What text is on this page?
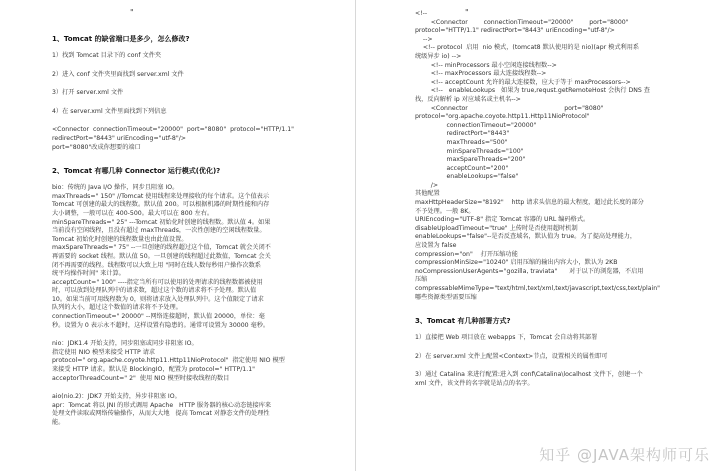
"
1、Tomcat 的缺省端口是多少，怎么修改?
1）找到 Tomcat 目录下的 conf 文件夹
2）进入 conf 文件夹里面找到 server.xml 文件
3）打开 server.xml 文件
4）在 server.xml 文件里面找到下列信息
<Connector  connectionTimeout="20000"  port="8080"  protocol="HTTP/1.1"
redirectPort="8443" uriEncoding="utf-8"/>
port="8080"改成你想要的端口
2、Tomcat 有哪几种 Connector 运行模式(优化)?
bio：传统的 Java I/O 操作，同步且阻塞 IO。
maxThreads=" 150" //Tomcat 使用线程来处理接收的每个请求。这个值表示
Tomcat 可创建的最大的线程数。默认值 200。可以根据机器的时期性能和内存
大小调整，一般可以在 400-500。最大可以在 800 左右。
minSpareThreads=" 25" ---Tomcat 初始化时创建的线程数。默认值 4。如果
当前没有空闲线程，且没有超过 maxThreads，一次性创建的空闲线程数量。
Tomcat 初始化时创建的线程数量也由此值设置。
maxSpareThreads=" 75" --一旦创建的线程超过这个值，Tomcat 就会关闭不
再需要的 socket 线程。默认值 50。一旦创建的线程超过此数值，Tomcat 会关
闭不再需要的线程。线程数可以大致上用 "同时在线人数每秒用户操作次数系
统平均操作时间" 来计算。
acceptCount=" 100" ----指定当所有可以使用的处理请求的线程数都被使用
时，可以放到处理队列中的请求数，超过这个数的请求将不予处理。默认值
10。如果当前可用线程数为 0，则将请求放入处理队列中。这个值限定了请求
队列的大小，超过这个数值的请求将不予处理。
connectionTimeout=" 20000" --网络连接超时，默认值 20000，单位：毫
秒。设置为 0 表示永不超时，这样设置有隐患的。通常可设置为 30000 毫秒。
nio：JDK1.4 开始支持，同步阻塞或同步非阻塞 IO。
指定使用 NIO 模型来接受 HTTP 请求
protocol=" org.apache.coyote.http11.Http11NioProtocol"  指定使用 NIO 模型
来接受 HTTP 请求。默认是 BlockingIO，配置为 protocol=" HTTP/1.1"
acceptorThreadCount=" 2"  使用 NIO 模型时接收线程的数目
aio(nio.2)：JDK7 开始支持，异步非阻塞 IO。
apr：Tomcat 将以 JNI 的形式调用 Apache   HTTP 服务器的核心动态链接库来
处理文件读取或网络传输操作，从而大大地   提高 Tomcat 对静态文件的处理性
能。
"
<!--
<Connector        connectionTimeout="20000"        port="8000"
protocol="HTTP/1.1" redirectPort="8443" uriEncoding="utf-8"/>
-->
<!-- protocol  启用  nio 模式，(tomcat8 默认使用的是 nio)(apr 模式利用系
统级异步 io) -->
<!-- minProcessors 最小空闲连接线程数-->
<!-- maxProcessors 最大连接线程数-->
<!-- acceptCount 允许的最大连接数，应大于等于 maxProcessors-->
<!--   enableLookups   如果为 true,requst.getRemoteHost 会执行 DNS 查
找，反向解析 ip 对应域名或主机名-->
<Connector                                                 port="8080"
protocol="org.apache.coyote.http11.Http11NioProtocol"
connectionTimeout="20000"
redirectPort="8443"
maxThreads="500"
minSpareThreads="100"
maxSpareThreads="200"
acceptCount="200"
enableLookups="false"
/>
其他配置
maxHttpHeaderSize="8192"    http 请求头信息的最大程度，超过此长度的部分
不予处理。一般 8K。
URIEncoding="UTF-8" 指定 Tomcat 容器的 URL 编码格式。
disableUploadTimeout="true" 上传时是否使用超时机制
enableLookups="false"--是否反查域名，默认值为 true。为了提高处理能力，
应设置为 false
compression="on"    打开压缩功能
compressionMinSize="10240" 启用压缩的输出内容大小，默认为 2KB
noCompressionUserAgents="gozilla, traviata"      对于以下的浏览器，不启用
压缩
compressableMimeType="text/html,text/xml,text/javascript,text/css,text/plain"
哪些资源类型需要压缩
3、Tomcat 有几种部署方式?
1）直接把 Web 项目放在 webapps 下，Tomcat 会自动将其部署
2）在 server.xml 文件上配置<Context>节点，设置相关的属性即可
3）通过 Catalina 来进行配置:进入到 conf\Catalina\localhost 文件下，创建一个
xml 文件，该文件的名字就是站点的名字。
知乎 @JAVA架构师可乐
